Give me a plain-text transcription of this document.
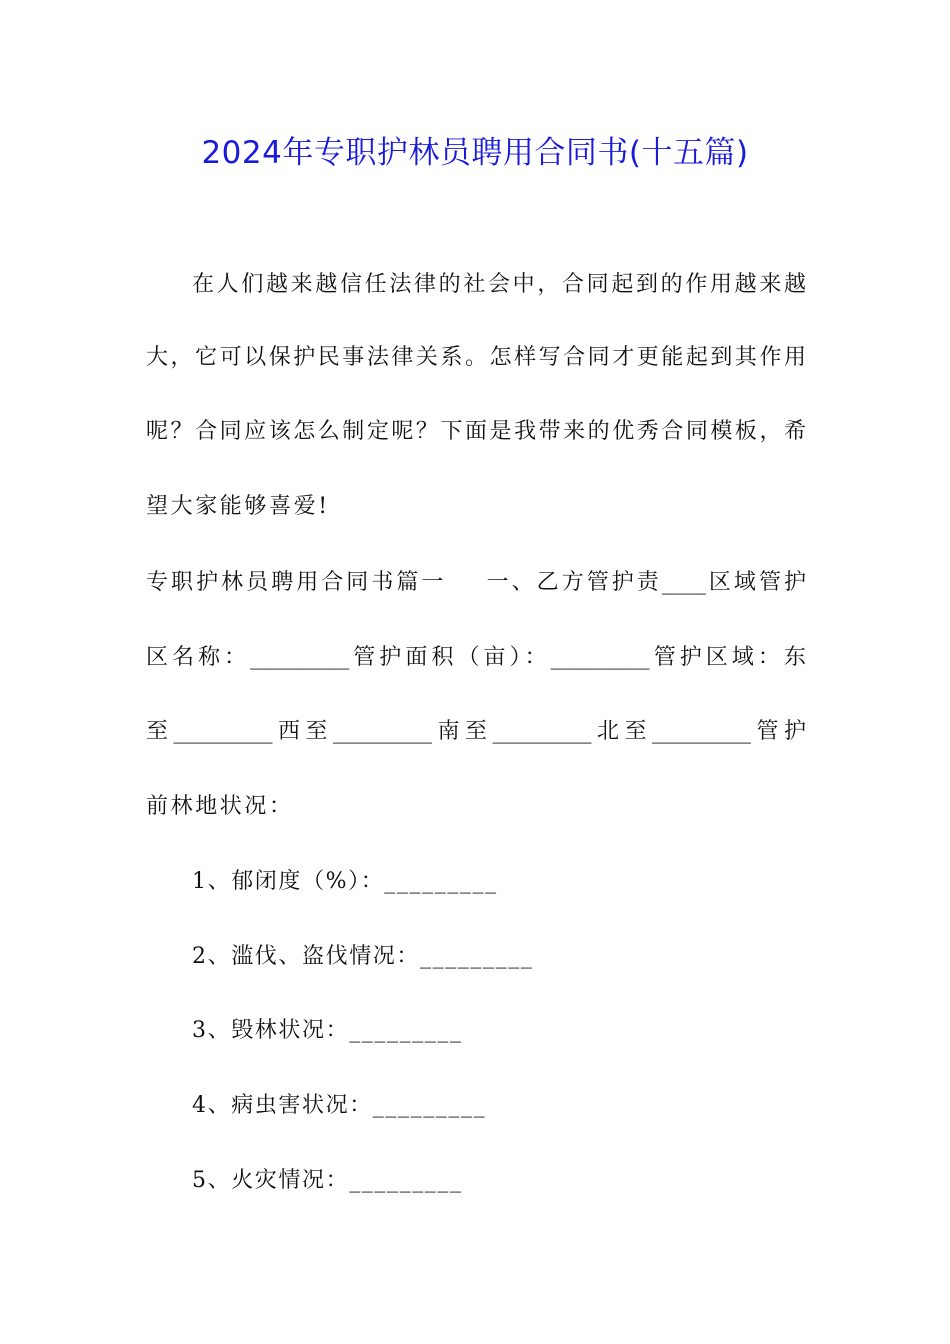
2024年专职护林员聘用合同书(十五篇)
在人们越来越信任法律的社会中，合同起到的作用越来越
大，它可以保护民事法律关系。怎样写合同才更能起到其作用
呢？合同应该怎么制定呢？下面是我带来的优秀合同模板，希
望大家能够喜爱!
专职护林员聘用合同书篇一    一、乙方管护责____区域管护
区名称：_________管护面积（亩）：_________管护区域：东
至_________西至_________南至_________北至_________管护
前林地状况：
1、郁闭度（%）：_________
2、滥伐、盗伐情况：_________
3、毁林状况：_________
4、病虫害状况：_________
5、火灾情况：_________
